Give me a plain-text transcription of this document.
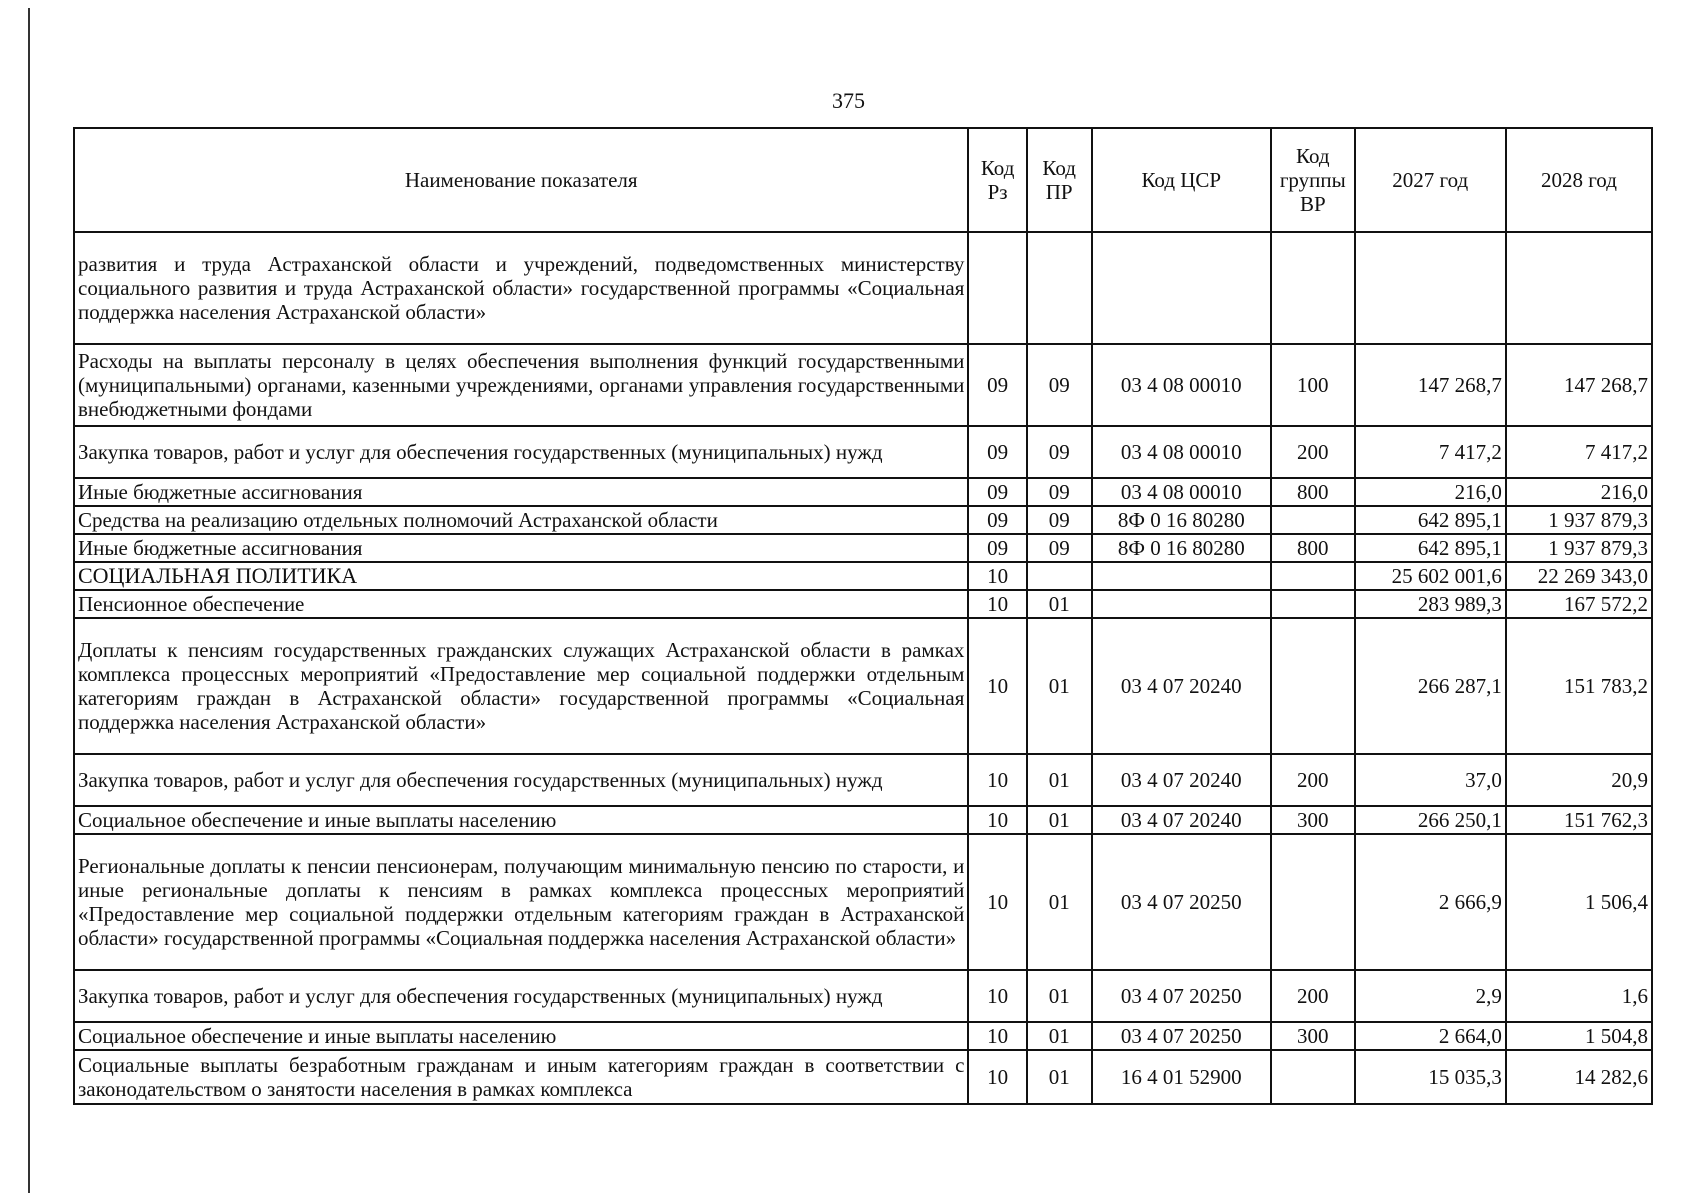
375
Наименование показателя	Код Рз	Код ПР	Код ЦСР	Код группы ВР	2027 год	2028 год
развития и труда Астраханской области и учреждений, подведомственных министерству социального развития и труда Астраханской области» государственной программы «Социальная поддержка населения Астраханской области»						
Расходы на выплаты персоналу в целях обеспечения выполнения функций государственными (муниципальными) органами, казенными учреждениями, органами управления государственными внебюджетными фондами	09	09	03 4 08 00010	100	147 268,7	147 268,7
Закупка товаров, работ и услуг для обеспечения государственных (муниципальных) нужд	09	09	03 4 08 00010	200	7 417,2	7 417,2
Иные бюджетные ассигнования	09	09	03 4 08 00010	800	216,0	216,0
Средства на реализацию отдельных полномочий Астраханской области	09	09	8Ф 0 16 80280		642 895,1	1 937 879,3
Иные бюджетные ассигнования	09	09	8Ф 0 16 80280	800	642 895,1	1 937 879,3
СОЦИАЛЬНАЯ ПОЛИТИКА	10				25 602 001,6	22 269 343,0
Пенсионное обеспечение	10	01			283 989,3	167 572,2
Доплаты к пенсиям государственных гражданских служащих Астраханской области в рамках комплекса процессных мероприятий «Предоставление мер социальной поддержки отдельным категориям граждан в Астраханской области» государственной программы «Социальная поддержка населения Астраханской области»	10	01	03 4 07 20240		266 287,1	151 783,2
Закупка товаров, работ и услуг для обеспечения государственных (муниципальных) нужд	10	01	03 4 07 20240	200	37,0	20,9
Социальное обеспечение и иные выплаты населению	10	01	03 4 07 20240	300	266 250,1	151 762,3
Региональные доплаты к пенсии пенсионерам, получающим минимальную пенсию по старости, и иные региональные доплаты к пенсиям в рамках комплекса процессных мероприятий «Предоставление мер социальной поддержки отдельным категориям граждан в Астраханской области» государственной программы «Социальная поддержка населения Астраханской области»	10	01	03 4 07 20250		2 666,9	1 506,4
Закупка товаров, работ и услуг для обеспечения государственных (муниципальных) нужд	10	01	03 4 07 20250	200	2,9	1,6
Социальное обеспечение и иные выплаты населению	10	01	03 4 07 20250	300	2 664,0	1 504,8
Социальные выплаты безработным гражданам и иным категориям граждан в соответствии с законодательством о занятости населения в рамках комплекса	10	01	16 4 01 52900		15 035,3	14 282,6
